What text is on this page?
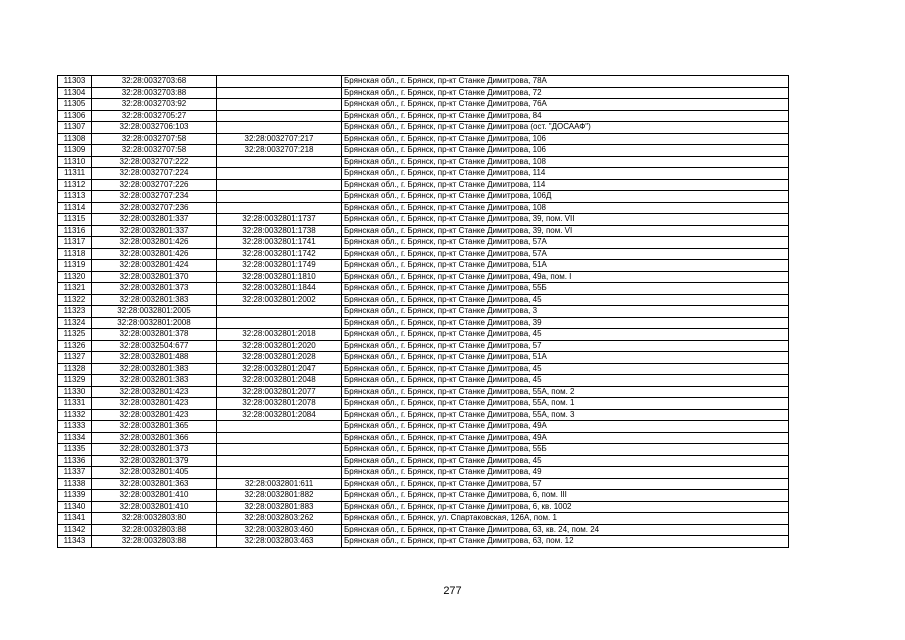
11303	32:28:0032703:68		Брянская обл., г. Брянск, пр-кт Станке Димитрова, 78А
11304	32:28:0032703:88		Брянская обл., г. Брянск, пр-кт Станке Димитрова, 72
11305	32:28:0032703:92		Брянская обл., г. Брянск, пр-кт Станке Димитрова, 76А
11306	32:28:0032705:27		Брянская обл., г. Брянск, пр-кт Станке Димитрова, 84
11307	32:28:0032706:103		Брянская обл., г. Брянск, пр-кт Станке Димитрова (ост. "ДОСААФ")
11308	32:28:0032707:58	32:28:0032707:217	Брянская обл., г. Брянск, пр-кт Станке Димитрова, 106
11309	32:28:0032707:58	32:28:0032707:218	Брянская обл., г. Брянск, пр-кт Станке Димитрова, 106
11310	32:28:0032707:222		Брянская обл., г. Брянск, пр-кт Станке Димитрова, 108
11311	32:28:0032707:224		Брянская обл., г. Брянск, пр-кт Станке Димитрова, 114
11312	32:28:0032707:226		Брянская обл., г. Брянск, пр-кт Станке Димитрова, 114
11313	32:28:0032707:234		Брянская обл., г. Брянск, пр-кт Станке Димитрова, 106Д
11314	32:28:0032707:236		Брянская обл., г. Брянск, пр-кт Станке Димитрова, 108
11315	32:28:0032801:337	32:28:0032801:1737	Брянская обл., г. Брянск, пр-кт Станке Димитрова, 39, пом. VII
11316	32:28:0032801:337	32:28:0032801:1738	Брянская обл., г. Брянск, пр-кт Станке Димитрова, 39, пом. VI
11317	32:28:0032801:426	32:28:0032801:1741	Брянская обл., г. Брянск, пр-кт Станке Димитрова, 57А
11318	32:28:0032801:426	32:28:0032801:1742	Брянская обл., г. Брянск, пр-кт Станке Димитрова, 57А
11319	32:28:0032801:424	32:28:0032801:1749	Брянская обл., г. Брянск, пр-кт Станке Димитрова, 51А
11320	32:28:0032801:370	32:28:0032801:1810	Брянская обл., г. Брянск, пр-кт Станке Димитрова, 49а, пом. I
11321	32:28:0032801:373	32:28:0032801:1844	Брянская обл., г. Брянск, пр-кт Станке Димитрова, 55Б
11322	32:28:0032801:383	32:28:0032801:2002	Брянская обл., г. Брянск, пр-кт Станке Димитрова, 45
11323	32:28:0032801:2005		Брянская обл., г. Брянск, пр-кт Станке Димитрова, 3
11324	32:28:0032801:2008		Брянская обл., г. Брянск, пр-кт Станке Димитрова, 39
11325	32:28:0032801:378	32:28:0032801:2018	Брянская обл., г. Брянск, пр-кт Станке Димитрова, 45
11326	32:28:0032504:677	32:28:0032801:2020	Брянская обл., г. Брянск, пр-кт Станке Димитрова, 57
11327	32:28:0032801:488	32:28:0032801:2028	Брянская обл., г. Брянск, пр-кт Станке Димитрова, 51А
11328	32:28:0032801:383	32:28:0032801:2047	Брянская обл., г. Брянск, пр-кт Станке Димитрова, 45
11329	32:28:0032801:383	32:28:0032801:2048	Брянская обл., г. Брянск, пр-кт Станке Димитрова, 45
11330	32:28:0032801:423	32:28:0032801:2077	Брянская обл., г. Брянск, пр-кт Станке Димитрова, 55А, пом. 2
11331	32:28:0032801:423	32:28:0032801:2078	Брянская обл., г. Брянск, пр-кт Станке Димитрова, 55А, пом. 1
11332	32:28:0032801:423	32:28:0032801:2084	Брянская обл., г. Брянск, пр-кт Станке Димитрова, 55А, пом. 3
11333	32:28:0032801:365		Брянская обл., г. Брянск, пр-кт Станке Димитрова, 49А
11334	32:28:0032801:366		Брянская обл., г. Брянск, пр-кт Станке Димитрова, 49А
11335	32:28:0032801:373		Брянская обл., г. Брянск, пр-кт Станке Димитрова, 55Б
11336	32:28:0032801:379		Брянская обл., г. Брянск, пр-кт Станке Димитрова, 45
11337	32:28:0032801:405		Брянская обл., г. Брянск, пр-кт Станке Димитрова, 49
11338	32:28:0032801:363	32:28:0032801:611	Брянская обл., г. Брянск, пр-кт Станке Димитрова, 57
11339	32:28:0032801:410	32:28:0032801:882	Брянская обл., г. Брянск, пр-кт Станке Димитрова, 6, пом. III
11340	32:28:0032801:410	32:28:0032801:883	Брянская обл., г. Брянск, пр-кт Станке Димитрова, 6, кв. 1002
11341	32:28:0032803:80	32:28:0032803:262	Брянская обл., г. Брянск, ул. Спартаковская, 126А, пом. 1
11342	32:28:0032803:88	32:28:0032803:460	Брянская обл., г. Брянск, пр-кт Станке Димитрова, 63, кв. 24, пом. 24
11343	32:28:0032803:88	32:28:0032803:463	Брянская обл., г. Брянск, пр-кт Станке Димитрова, 63, пом. 12
277
